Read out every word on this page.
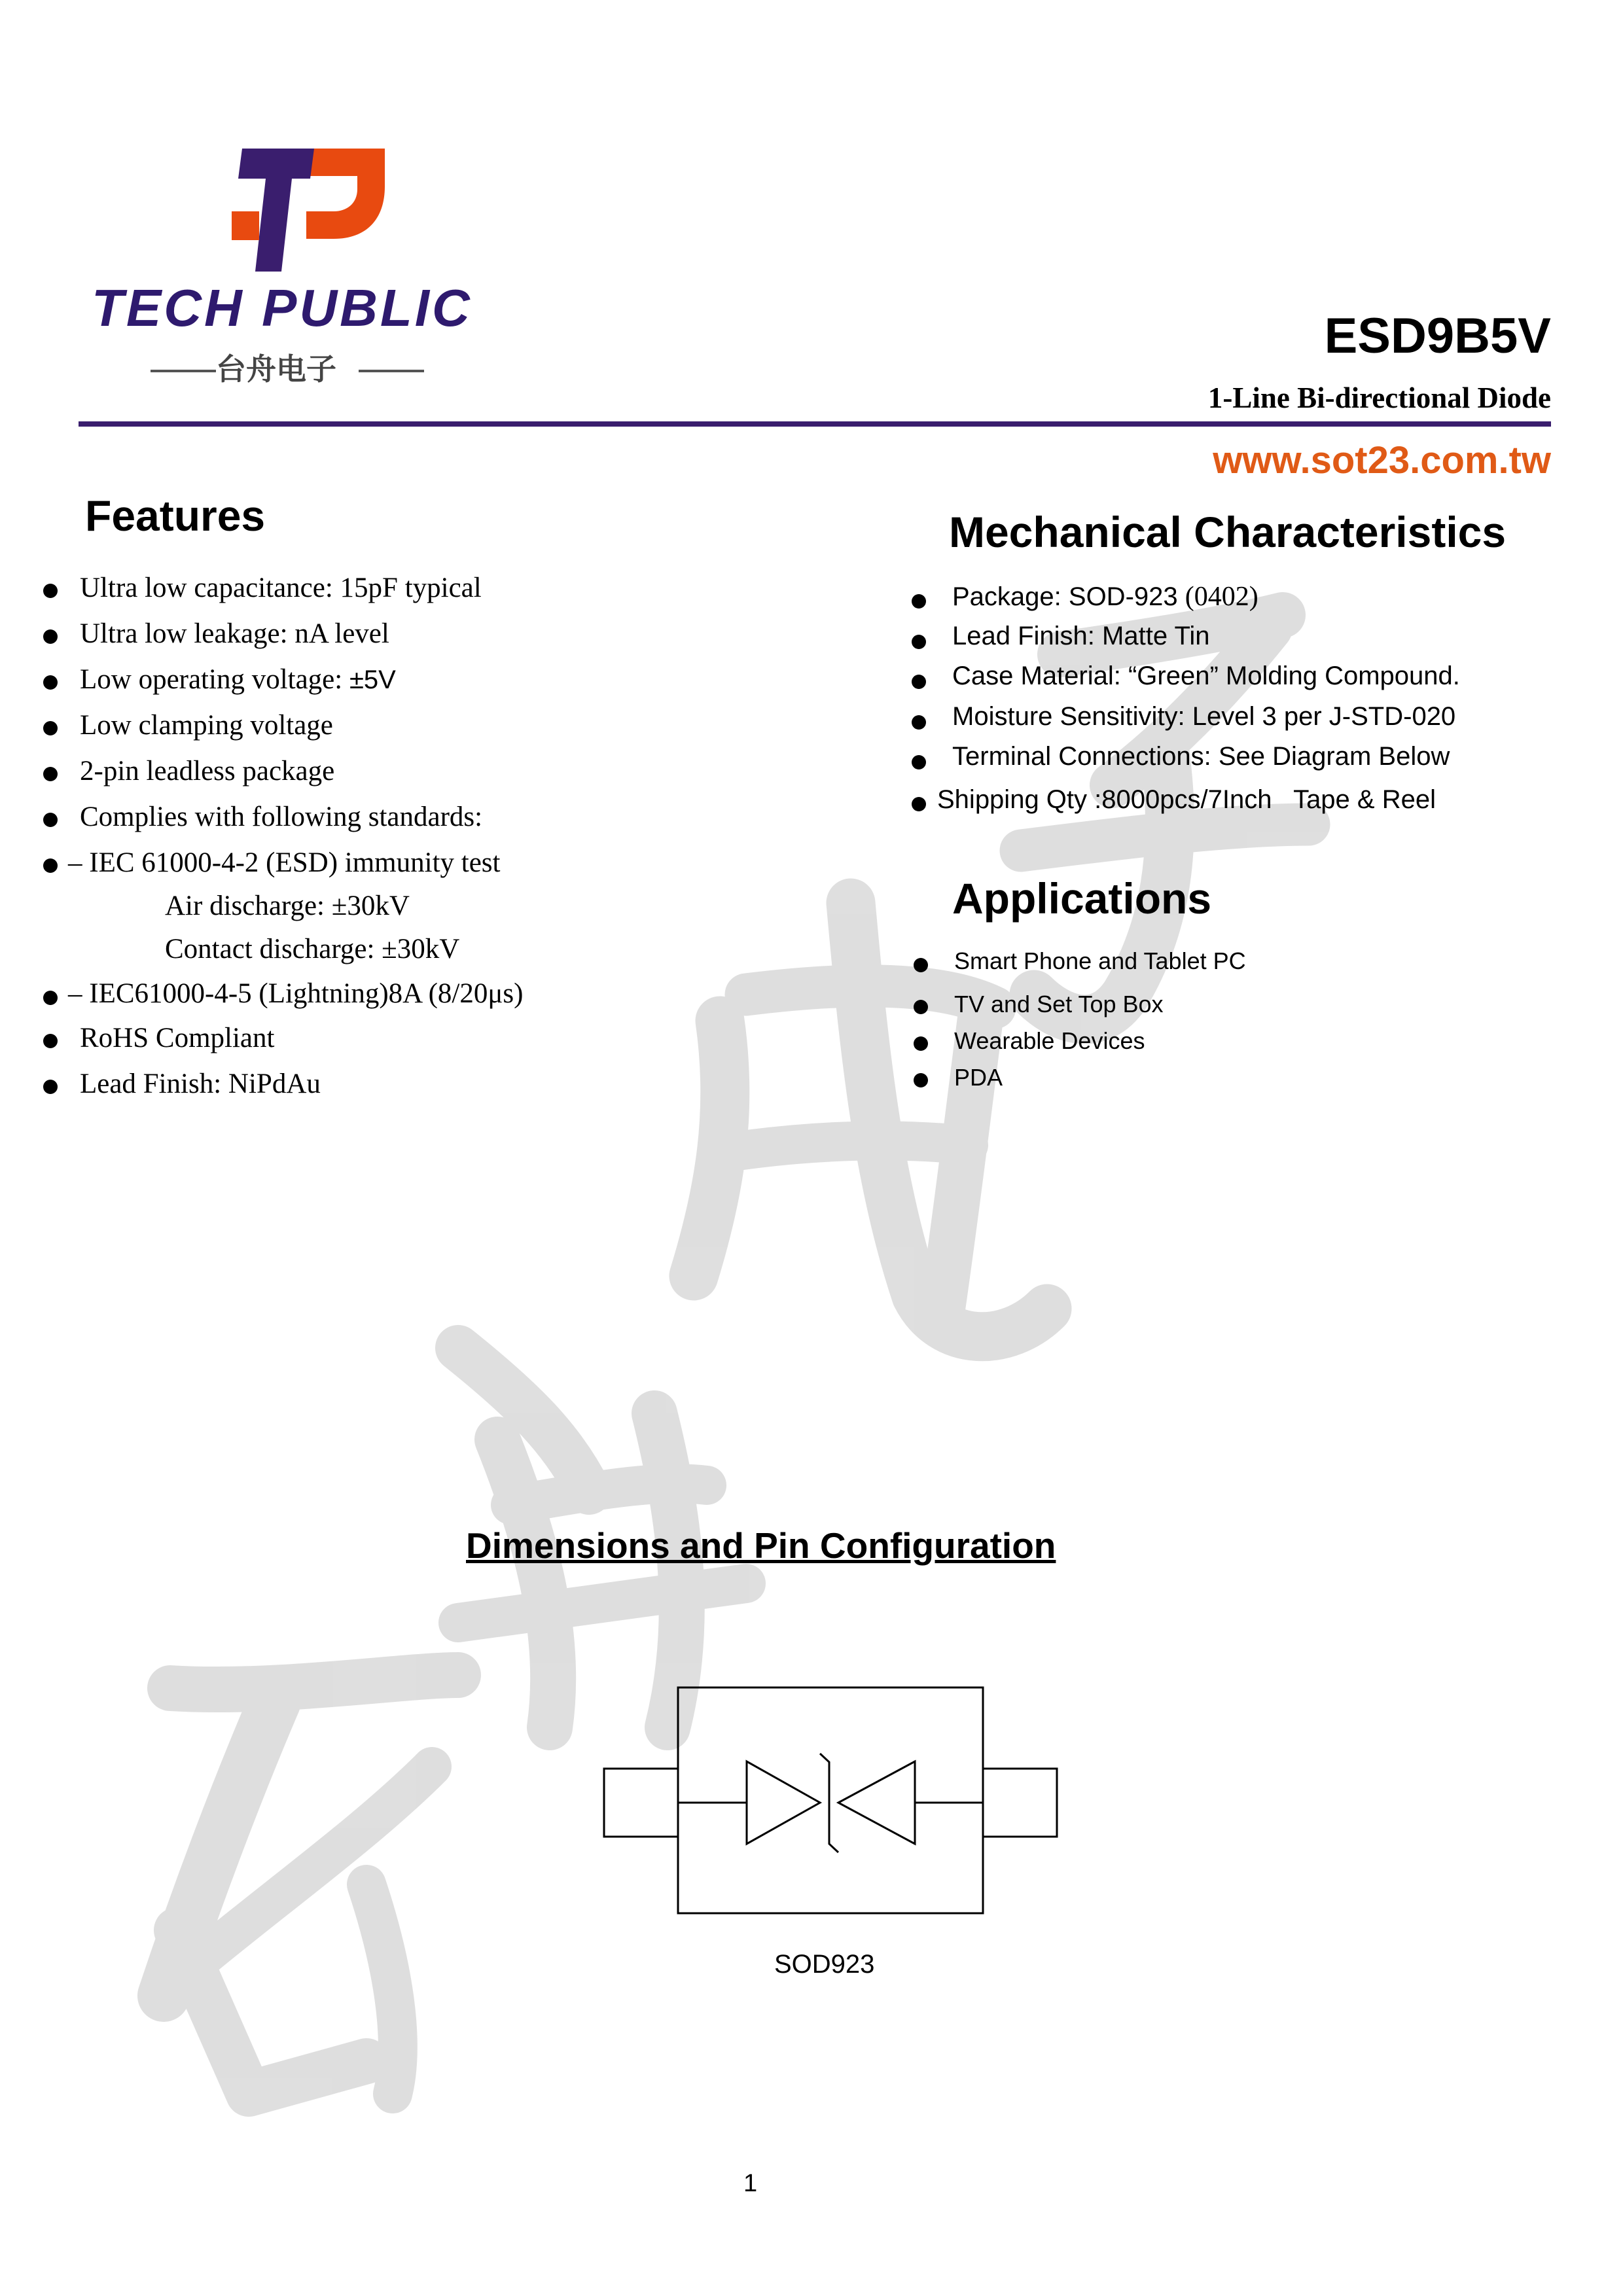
TECH PUBLIC
台舟电子
ESD9B5V
1-Line Bi-directional Diode
www.sot23.com.tw
Features
Ultra low capacitance: 15pF typical
Ultra low leakage: nA level
Low operating voltage: ±5V
Low clamping voltage
2-pin leadless package
Complies with following standards:
– IEC 61000-4-2 (ESD) immunity test
Air discharge: ±30kV
Contact discharge: ±30kV
– IEC61000-4-5 (Lightning)8A (8/20μs)
RoHS Compliant
Lead Finish: NiPdAu
Mechanical Characteristics
Package: SOD-923 (0402)
Lead Finish: Matte Tin
Case Material: “Green” Molding Compound.
Moisture Sensitivity: Level 3 per J-STD-020
Terminal Connections: See Diagram Below
Shipping Qty :8000pcs/7Inch   Tape & Reel
Applications
Smart Phone and Tablet PC
TV and Set Top Box
Wearable Devices
PDA
Dimensions and Pin Configuration
SOD923
1
